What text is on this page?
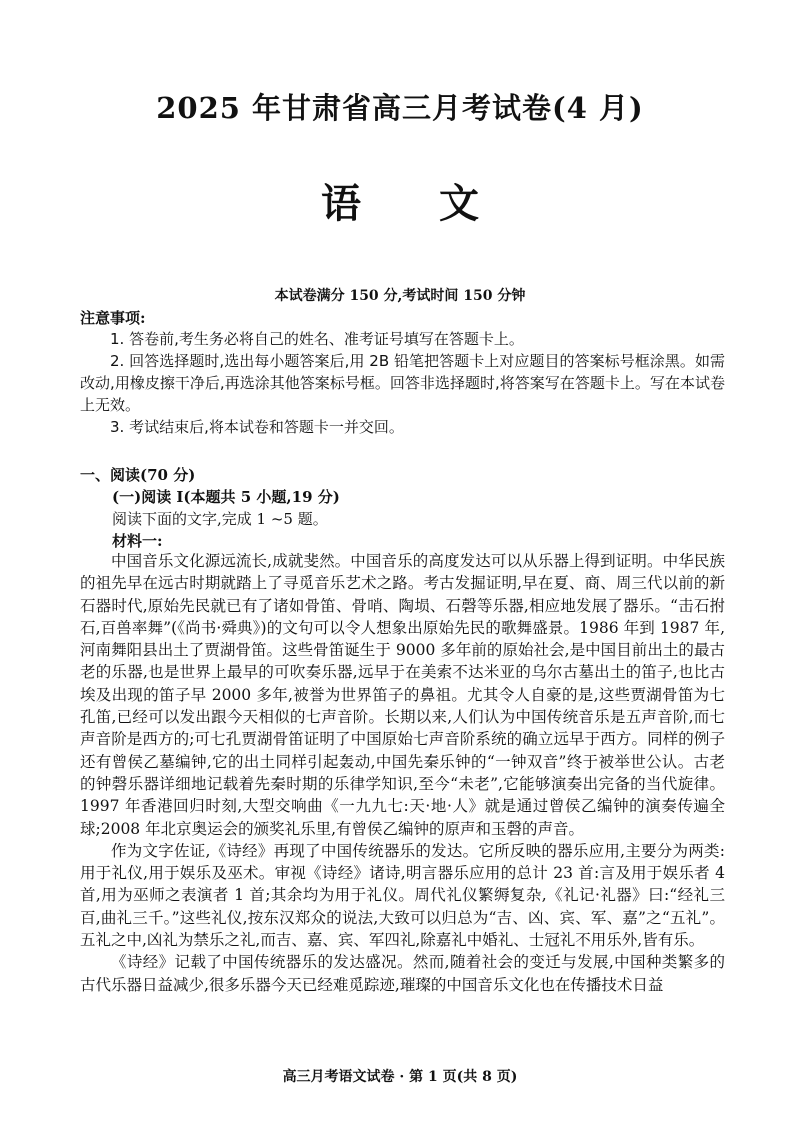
2025 年甘肃省高三月考试卷(4 月)
语文
本试卷满分 150 分,考试时间 150 分钟
注意事项:

1. 答卷前,考生务必将自己的姓名、准考证号填写在答题卡上。

2. 回答选择题时,选出每小题答案后,用 2B 铅笔把答题卡上对应题目的答案标号框涂黑。如需改动,用橡皮擦干净后,再选涂其他答案标号框。回答非选择题时,将答案写在答题卡上。写在本试卷上无效。

3. 考试结束后,将本试卷和答题卡一并交回。

一、阅读(70 分)
(一)阅读 I(本题共 5 小题,19 分)
阅读下面的文字,完成 1 ~5 题。
材料一:

中国音乐文化源远流长,成就斐然。中国音乐的高度发达可以从乐器上得到证明。中华民族的祖先早在远古时期就踏上了寻觅音乐艺术之路。考古发掘证明,早在夏、商、周三代以前的新石器时代,原始先民就已有了诸如骨笛、骨哨、陶埙、石磬等乐器,相应地发展了器乐。“击石拊石,百兽率舞”(《尚书·舜典》)的文句可以令人想象出原始先民的歌舞盛景。1986 年到 1987 年,河南舞阳县出土了贾湖骨笛。这些骨笛诞生于 9000 多年前的原始社会,是中国目前出土的最古老的乐器,也是世界上最早的可吹奏乐器,远早于在美索不达米亚的乌尔古墓出土的笛子,也比古埃及出现的笛子早 2000 多年,被誉为世界笛子的鼻祖。尤其令人自豪的是,这些贾湖骨笛为七孔笛,已经可以发出跟今天相似的七声音阶。长期以来,人们认为中国传统音乐是五声音阶,而七声音阶是西方的;可七孔贾湖骨笛证明了中国原始七声音阶系统的确立远早于西方。同样的例子还有曾侯乙墓编钟,它的出土同样引起轰动,中国先秦乐钟的“一钟双音”终于被举世公认。古老的钟磬乐器详细地记载着先秦时期的乐律学知识,至今“未老”,它能够演奏出完备的当代旋律。1997 年香港回归时刻,大型交响曲《一九九七:天·地·人》就是通过曾侯乙编钟的演奏传遍全球;2008 年北京奥运会的颁奖礼乐里,有曾侯乙编钟的原声和玉磬的声音。

作为文字佐证,《诗经》再现了中国传统器乐的发达。它所反映的器乐应用,主要分为两类:用于礼仪,用于娱乐及巫术。审视《诗经》诸诗,明言器乐应用的总计 23 首:言及用于娱乐者 4 首,用为巫师之表演者 1 首;其余均为用于礼仪。周代礼仪繁缛复杂,《礼记·礼器》曰:“经礼三百,曲礼三千。”这些礼仪,按东汉郑众的说法,大致可以归总为“吉、凶、宾、军、嘉”之“五礼”。五礼之中,凶礼为禁乐之礼,而吉、嘉、宾、军四礼,除嘉礼中婚礼、士冠礼不用乐外,皆有乐。

《诗经》记载了中国传统器乐的发达盛况。然而,随着社会的变迁与发展,中国种类繁多的古代乐器日益减少,很多乐器今天已经难觅踪迹,璀璨的中国音乐文化也在传播技术日益

高三月考语文试卷 · 第 1 页(共 8 页)
